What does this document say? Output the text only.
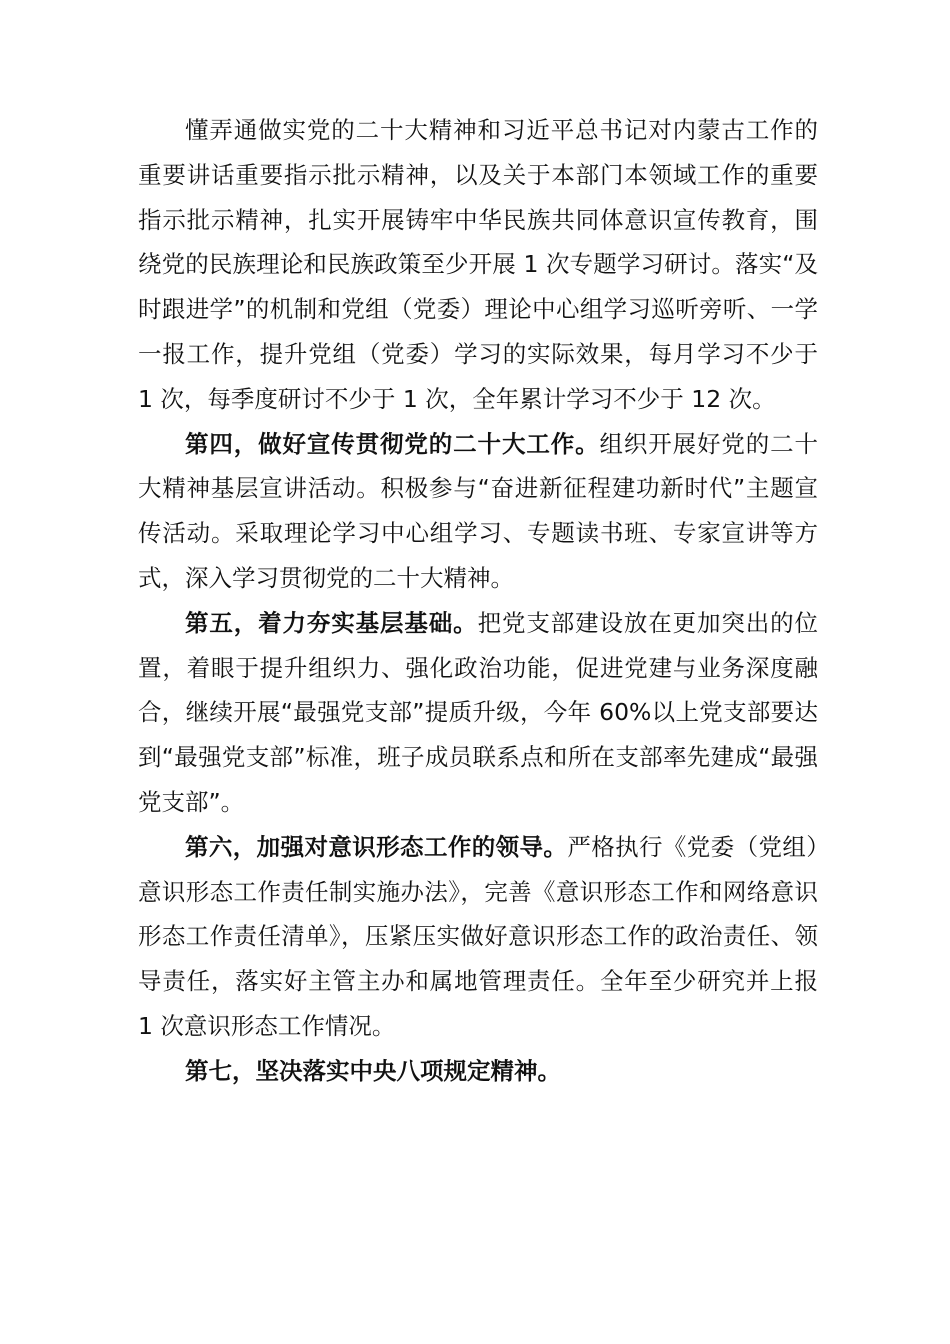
懂弄通做实党的二十大精神和习近平总书记对内蒙古工作的重要讲话重要指示批示精神，以及关于本部门本领域工作的重要指示批示精神，扎实开展铸牢中华民族共同体意识宣传教育，围绕党的民族理论和民族政策至少开展 1 次专题学习研讨。落实“及时跟进学”的机制和党组（党委）理论中心组学习巡听旁听、一学一报工作，提升党组（党委）学习的实际效果，每月学习不少于 1 次，每季度研讨不少于 1 次，全年累计学习不少于 12 次。

第四，做好宣传贯彻党的二十大工作。组织开展好党的二十大精神基层宣讲活动。积极参与“奋进新征程建功新时代”主题宣传活动。采取理论学习中心组学习、专题读书班、专家宣讲等方式，深入学习贯彻党的二十大精神。

第五，着力夯实基层基础。把党支部建设放在更加突出的位置，着眼于提升组织力、强化政治功能，促进党建与业务深度融合，继续开展“最强党支部”提质升级，今年 60%以上党支部要达到“最强党支部”标准，班子成员联系点和所在支部率先建成“最强党支部”。

第六，加强对意识形态工作的领导。严格执行《党委（党组）意识形态工作责任制实施办法》，完善《意识形态工作和网络意识形态工作责任清单》，压紧压实做好意识形态工作的政治责任、领导责任，落实好主管主办和属地管理责任。全年至少研究并上报 1 次意识形态工作情况。

第七，坚决落实中央八项规定精神。
